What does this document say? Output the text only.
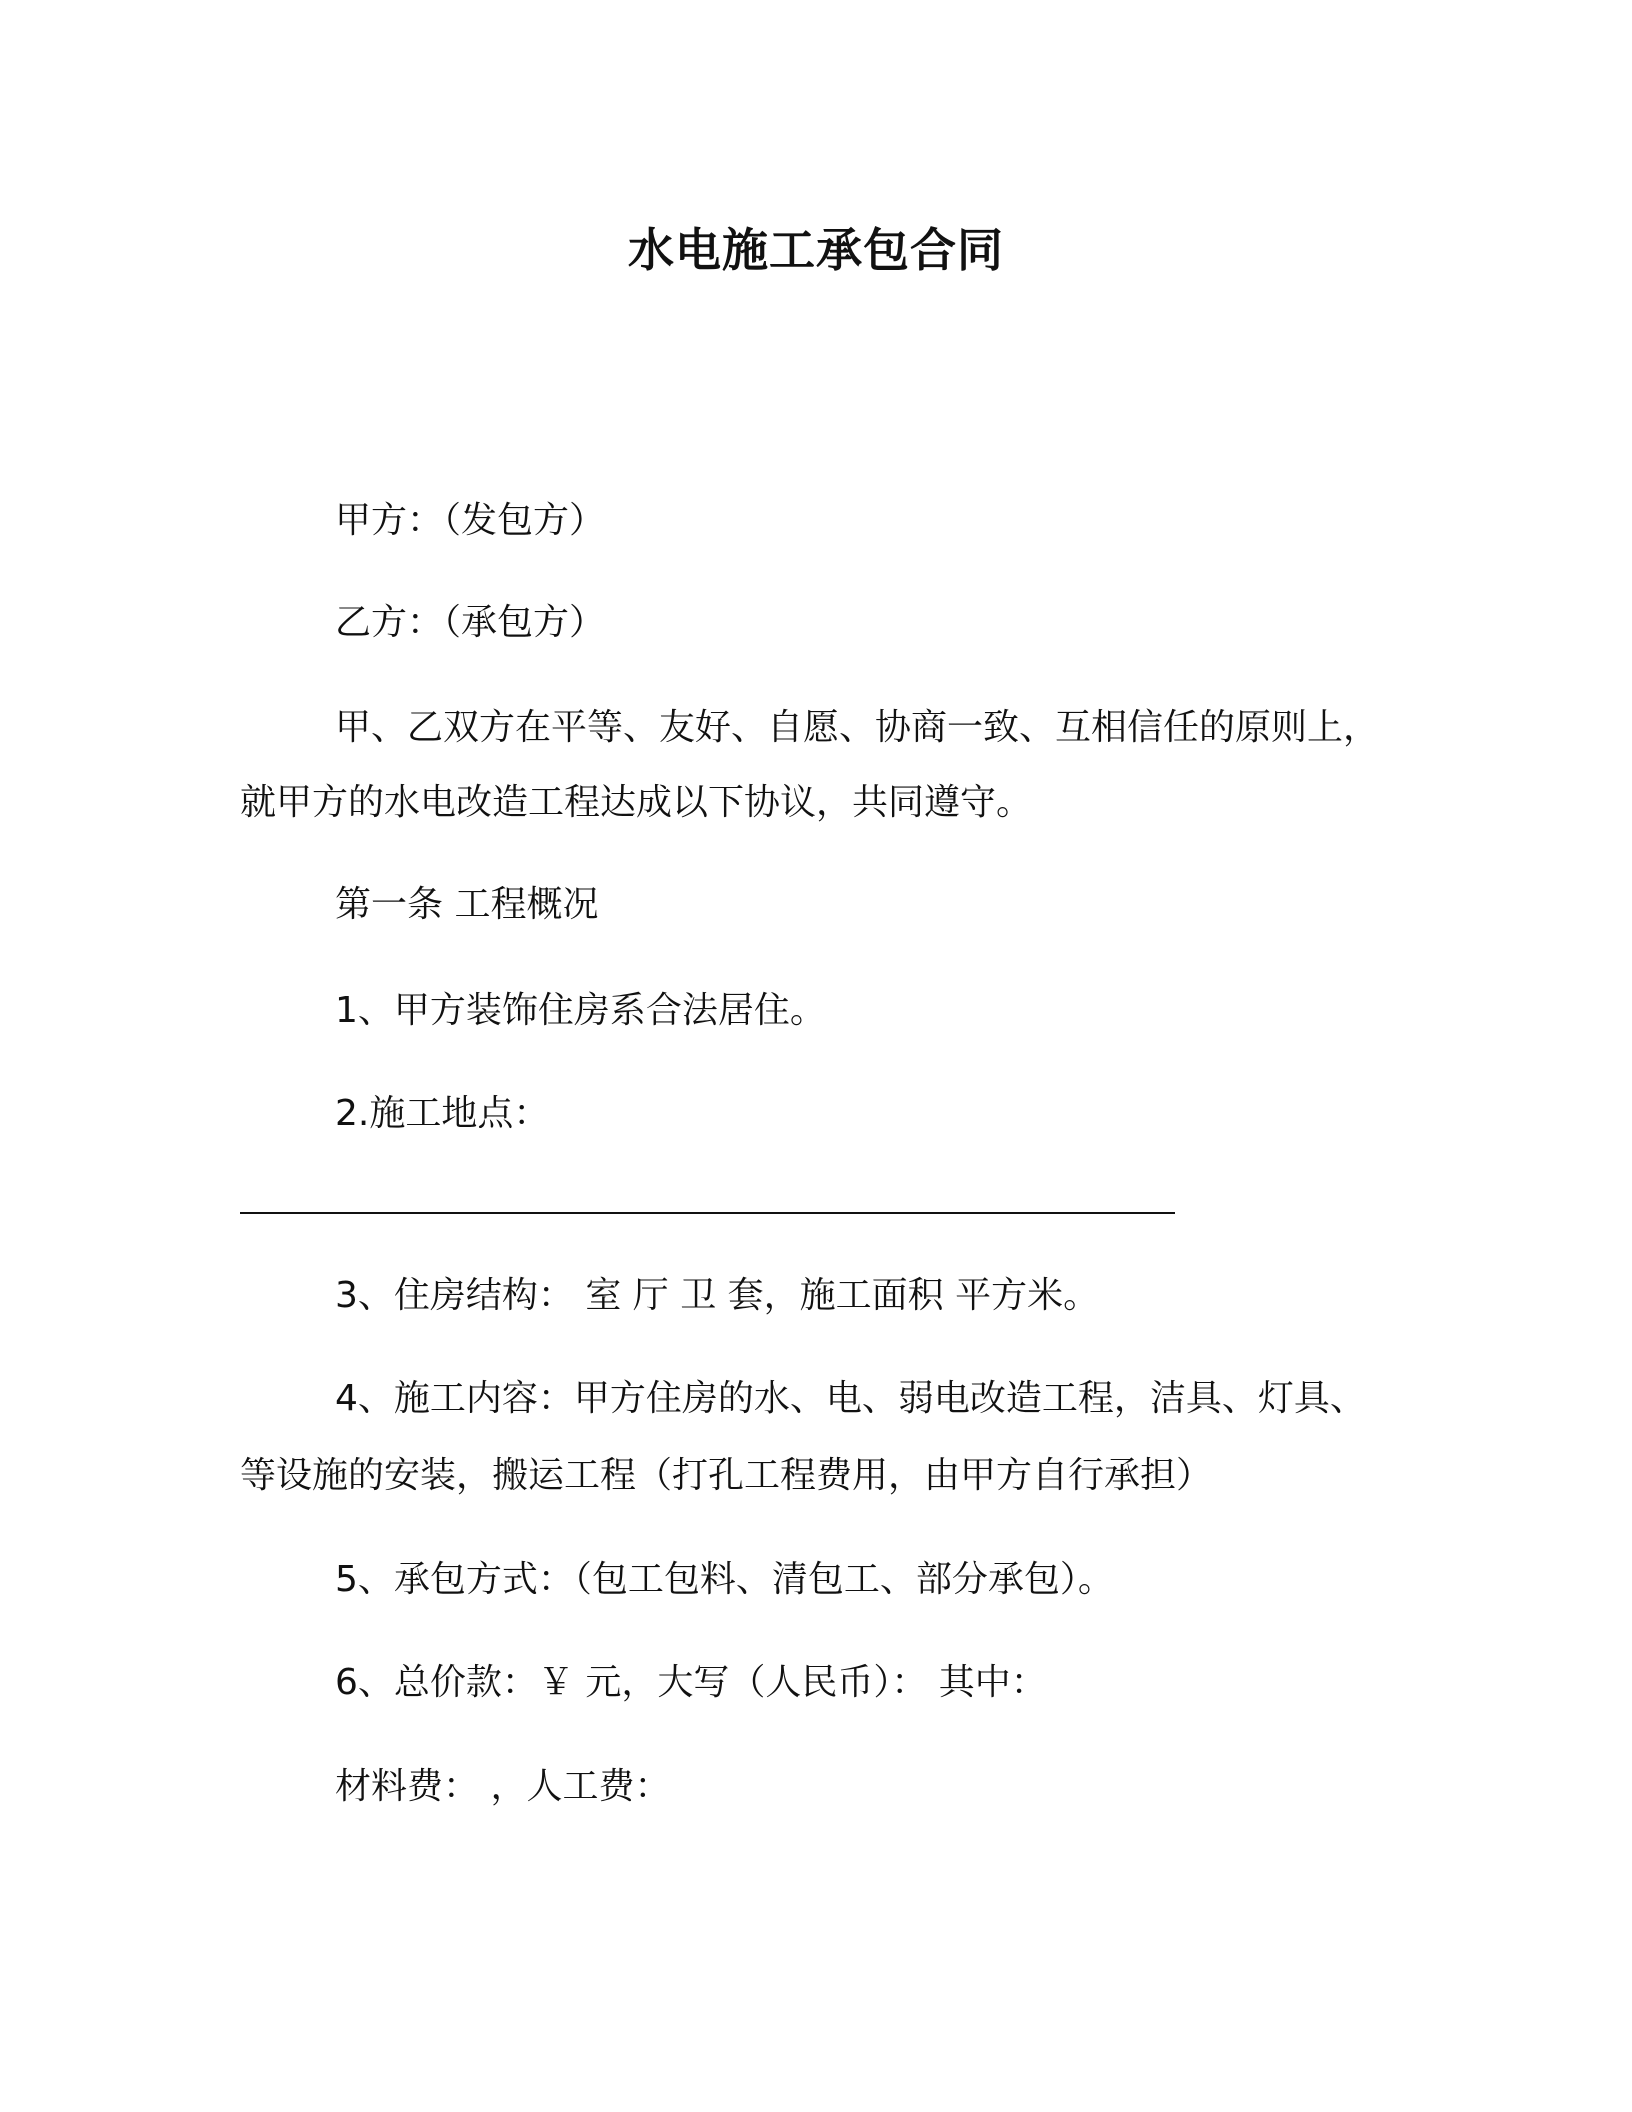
水电施工承包合同
甲方：（发包方）
乙方：（承包方）
甲、乙双方在平等、友好、自愿、协商一致、互相信任的原则上，
就甲方的水电改造工程达成以下协议，共同遵守。
第一条 工程概况
1、甲方装饰住房系合法居住。
2.施工地点：
3、住房结构： 室 厅 卫 套，施工面积 平方米。
4、施工内容：甲方住房的水、电、弱电改造工程，洁具、灯具、
等设施的安装，搬运工程（打孔工程费用，由甲方自行承担）
5、承包方式：（包工包料、清包工、部分承包）。
6、总价款：￥ 元，大写（人民币）： 其中：
材料费： ，人工费：
